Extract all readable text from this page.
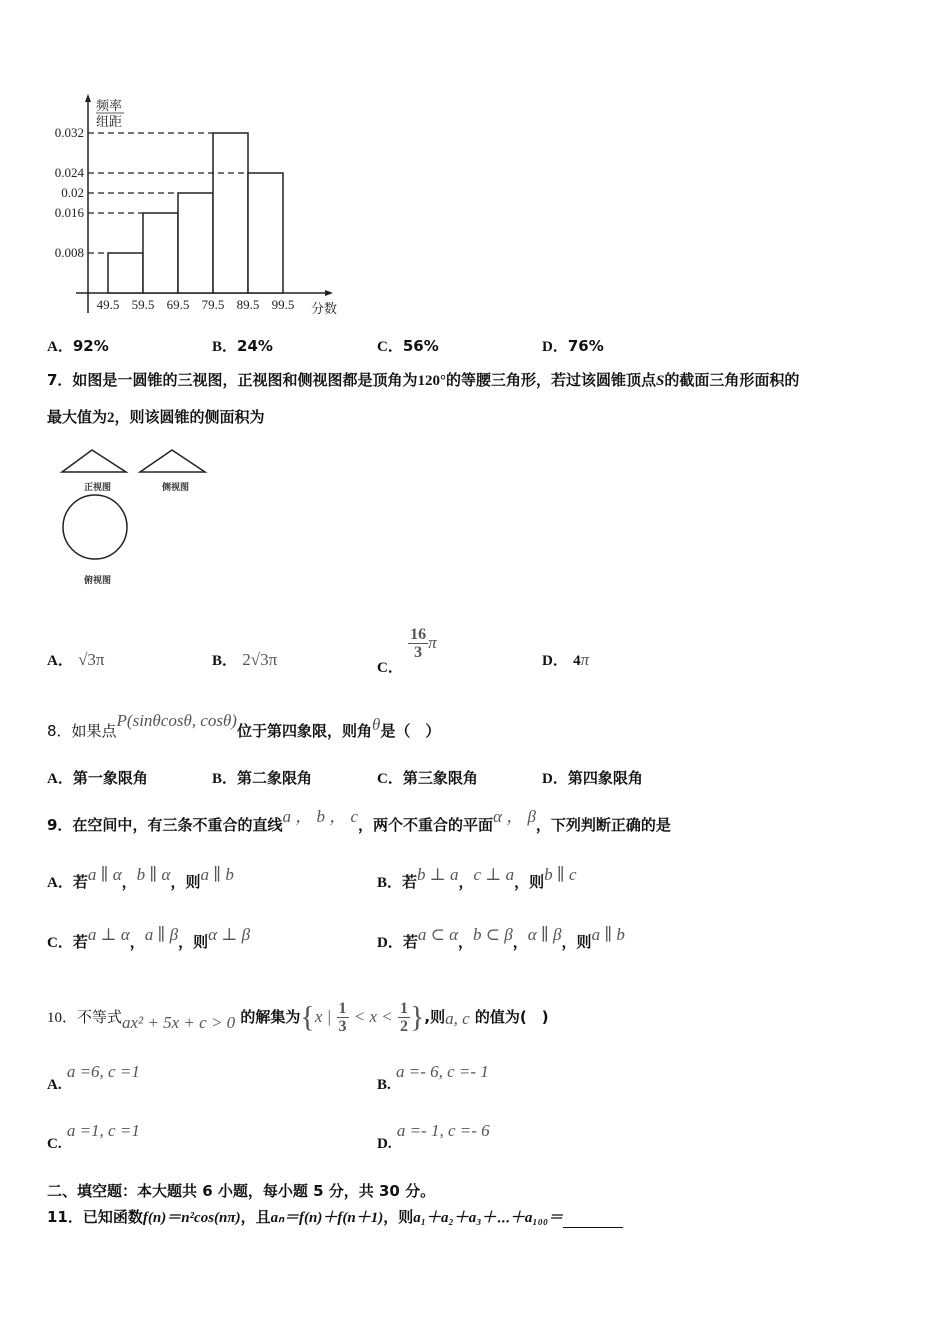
频率
组距
分数
0.008
0.016
0.02
0.024
0.032
49.5 59.5 69.5 79.5 89.5 99.5
A．92%	B．24%	C．56%	D．76%
7．如图是一圆锥的三视图，正视图和侧视图都是顶角为120°的等腰三角形，若过该圆锥顶点S的截面三角形面积的
最大值为2，则该圆锥的侧面积为
正视图	侧视图
俯视图
A． √3π	B． 2√3π	C．
$\frac{16}{3}$ π
D． 4π
8．如果点P(sinθcosθ, cosθ)位于第四象限，则角θ是（　）
A．第一象限角	B．第二象限角	C．第三象限角	D．第四象限角
9．在空间中，有三条不重合的直线a ， b ， c，两个不重合的平面α ， β，下列判断正确的是
A．若a ∥ α，b ∥ α，则a ∥ b	B．若b ⊥ a，c ⊥ a，则b ∥ c
C．若a ⊥ α，a ∥ β，则α ⊥ β	D．若a ⊂ α，b ⊂ β，α ∥ β，则a ∥ b
10．不等式ax² + 5x + c > 0 的解集为{x | $\frac{1}{3} < x < \frac{1}{2}$ },则a, c 的值为(　)
A. a =6, c =1
B. a =- 6, c =- 1
C. a =1, c =1
D. a =- 1, c =- 6
二、填空题：本大题共 6 小题，每小题 5 分，共 30 分。
11．已知函数f(n)＝n²cos(nπ)，且aₙ＝f(n)＋f(n＋1)，则a₁＋a₂＋a₃＋⋯＋a₁₀₀＝
